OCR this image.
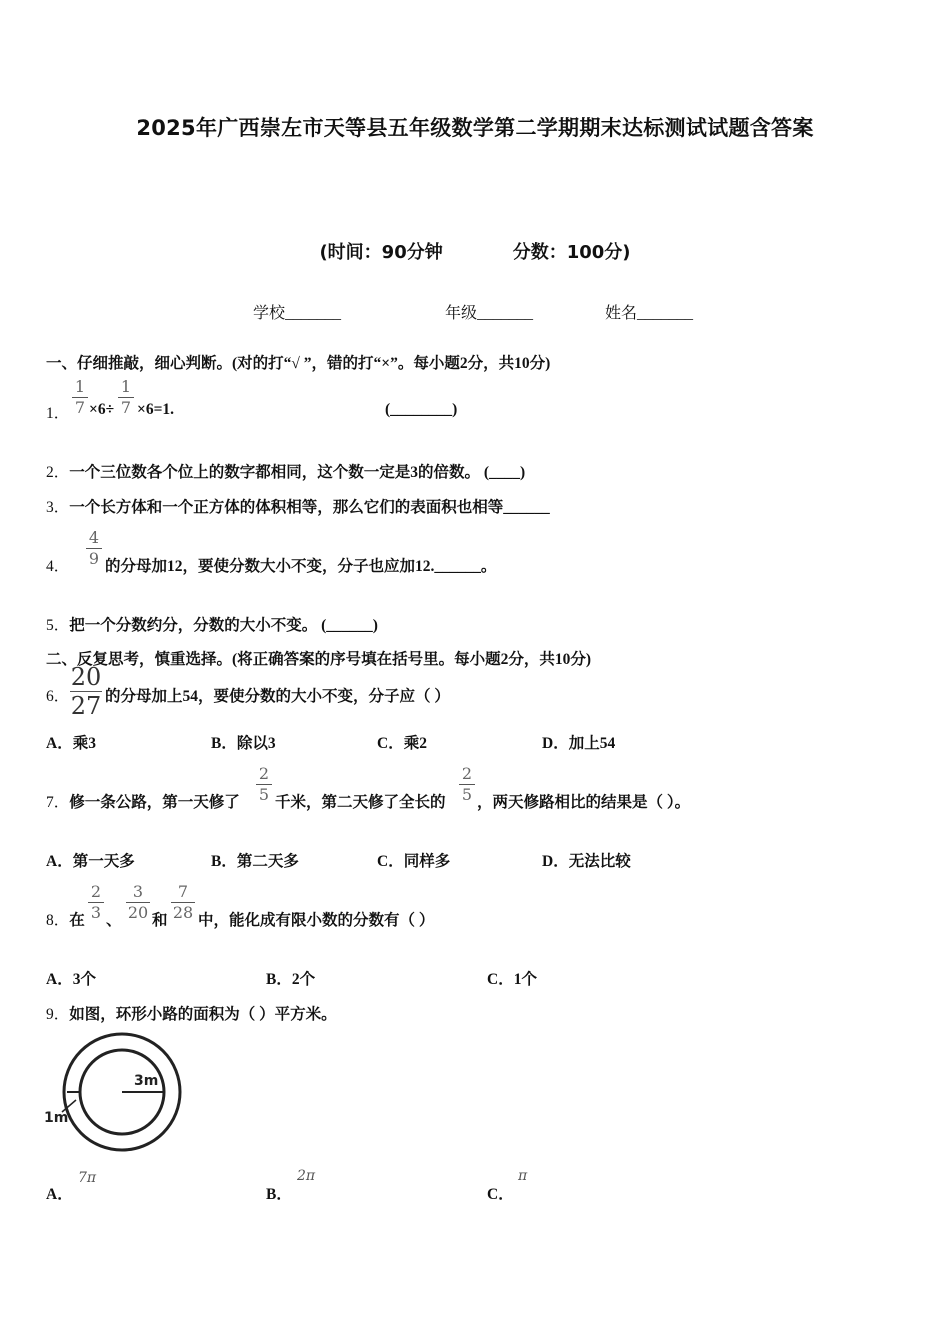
2025年广西崇左市天等县五年级数学第二学期期末达标测试试题含答案
(时间：90分钟	分数：100分)
学校_______	年级_______	姓名_______
一、仔细推敲，细心判断。(对的打“√ ”，错的打“×”。每小题2分，共10分)
1．
1
7 ×6÷
1
7 ×6=1.	(________)
2．一个三位数各个位上的数字都相同，这个数一定是3的倍数。 (____)
3．一个长方体和一个正方体的体积相等，那么它们的表面积也相等______
4．
4
9 的分母加12，要使分数大小不变，分子也应加12.______。
5．把一个分数约分，分数的大小不变。 (______)
二、反复思考，慎重选择。(将正确答案的序号填在括号里。每小题2分，共10分)
6．
20
27 的分母加上54，要使分数的大小不变，分子应（ ）
A．乘3	B．除以3	C．乘2	D．加上54
7．修一条公路，第一天修了
2
5 千米，第二天修了全长的
2
5 ，两天修路相比的结果是（ ）。
A．第一天多	B．第二天多	C．同样多	D．无法比较
8．在
2
3 、
3
20 和
7
28 中，能化成有限小数的分数有（ ）
A．3个	B．2个	C．1个
9．如图，环形小路的面积为（ ）平方米。
3m
1m
A．
7π
B．
2π
C．
π
